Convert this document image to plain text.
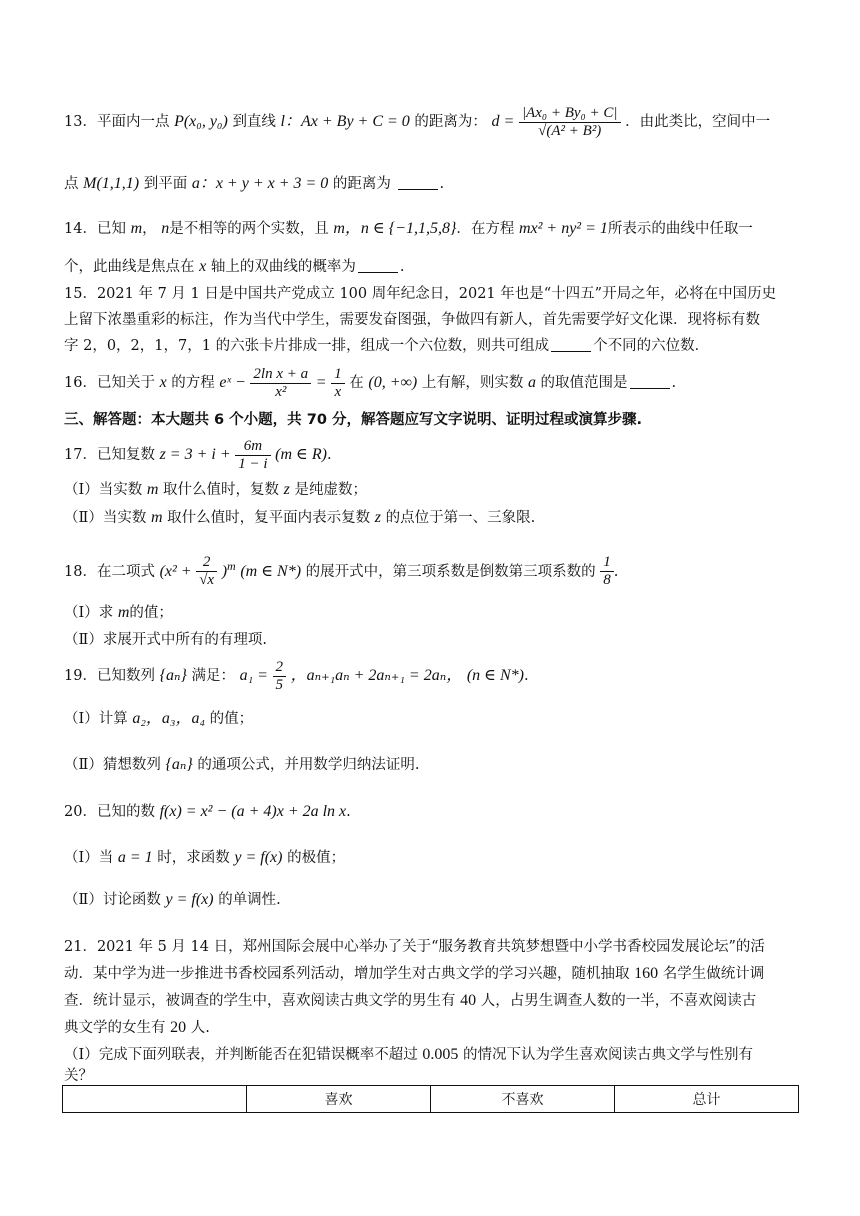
13．平面内一点 P(x₀, y₀) 到直线 l：Ax + By + C = 0 的距离为： $d = \frac{\text{|Ax₀ + By₀ + C|}}{\text{√(A² + B²)}}$ ．由此类比，空间中一
点 M(1,1,1) 到平面 a：x + y + x + 3 = 0 的距离为	.
14．已知 m， n是不相等的两个实数，且 m，n ∈ {−1,1,5,8}．在方程 mx² + ny² = 1所表示的曲线中任取一
个，此曲线是焦点在 x 轴上的双曲线的概率为	.
15．2021 年 7 月 1 日是中国共产党成立 100 周年纪念日，2021 年也是“十四五”开局之年，必将在中国历史
上留下浓墨重彩的标注，作为当代中学生，需要发奋图强，争做四有新人，首先需要学好文化课．现将标有数
字 2，0，2，1，7，1 的六张卡片排成一排，组成一个六位数，则共可组成	个不同的六位数．
16．已知关于 x 的方程 eˣ − $\frac{\text{2ln x + a}}{\text{x²}} = \frac{1}{x}$ 在 (0, +∞) 上有解，则实数 a 的取值范围是	.
三、解答题：本大题共 6 个小题，共 70 分，解答题应写文字说明、证明过程或演算步骤.
17．已知复数 $z = 3 + i + \frac{6m}{1 - i} (m$ ∈ R).
（Ⅰ）当实数 m 取什么值时，复数 z 是纯虚数；
（Ⅱ）当实数 m 取什么值时，复平面内表示复数 z 的点位于第一、三象限.
18．在二项式 $(x^2 + \frac{2}{√x} )^m$ (m ∈ N*) 的展开式中，第三项系数是倒数第三项系数的 $\frac{1}{8}$ .
（Ⅰ）求 m的值；
（Ⅱ）求展开式中所有的有理项.
19．已知数列 {aₙ} 满足： $a_1 = \frac{2}{5}$ ，aₙ₊₁aₙ + 2aₙ₊₁ = 2aₙ， (n ∈ N*).
（Ⅰ）计算 a₂，a₃，a₄ 的值；
（Ⅱ）猜想数列 {aₙ} 的通项公式，并用数学归纳法证明.
20．已知的数 f(x) = x² − (a + 4)x + 2a ln x.
（Ⅰ）当 a = 1 时，求函数 y = f(x) 的极值；
（Ⅱ）讨论函数 y = f(x) 的单调性.
21．2021 年 5 月 14 日，郑州国际会展中心举办了关于“服务教育共筑梦想暨中小学书香校园发展论坛”的活
动．某中学为进一步推进书香校园系列活动，增加学生对古典文学的学习兴趣，随机抽取 160 名学生做统计调
查．统计显示，被调查的学生中，喜欢阅读古典文学的男生有 40 人，占男生调查人数的一半，不喜欢阅读古
典文学的女生有 20 人.
（Ⅰ）完成下面列联表，并判断能否在犯错误概率不超过 0.005 的情况下认为学生喜欢阅读古典文学与性别有
关？
	喜欢	不喜欢	总计
